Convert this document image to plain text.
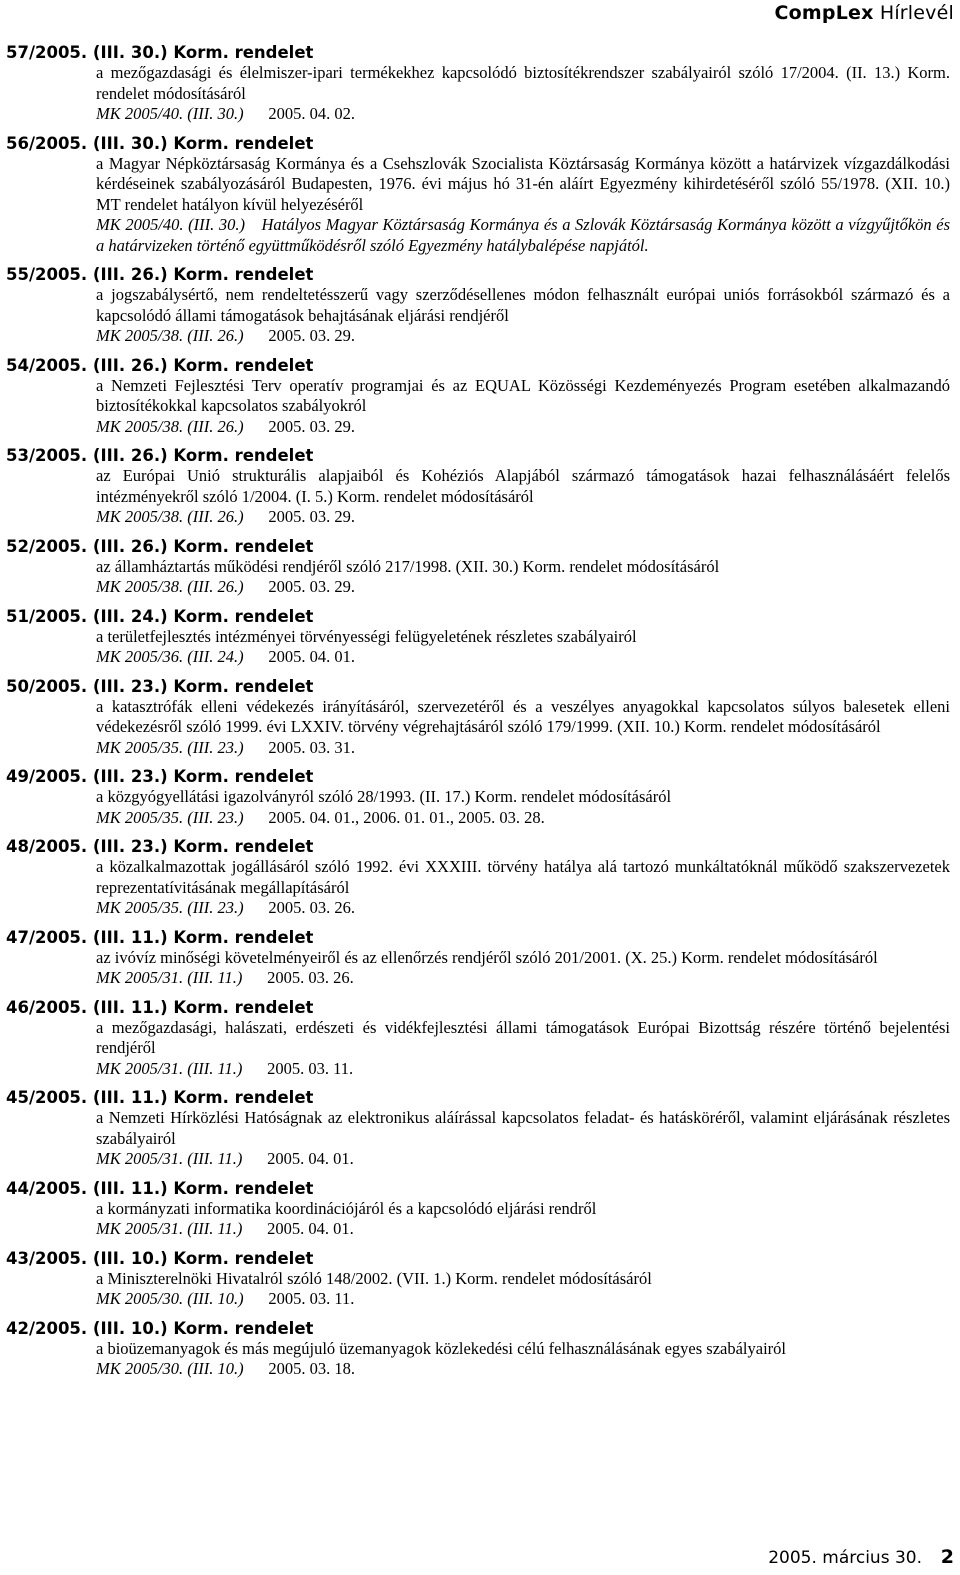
CompLex Hírlevél
57/2005. (III. 30.) Korm. rendelet
a mezőgazdasági és élelmiszer-ipari termékekhez kapcsolódó biztosítékrendszer szabályairól szóló 17/2004. (II. 13.) Korm. rendelet módosításáról
MK 2005/40. (III. 30.)   2005. 04. 02.
56/2005. (III. 30.) Korm. rendelet
a Magyar Népköztársaság Kormánya és a Csehszlovák Szocialista Köztársaság Kormánya között a határvizek vízgazdálkodási kérdéseinek szabályozásáról Budapesten, 1976. évi május hó 31-én aláírt Egyezmény kihirdetéséről szóló 55/1978. (XII. 10.) MT rendelet hatályon kívül helyezéséről
MK 2005/40. (III. 30.)  Hatályos Magyar Köztársaság Kormánya és a Szlovák Köztársaság Kormánya között a vízgyűjtőkön és a határvizeken történő együttműködésről szóló Egyezmény hatálybalépése napjától.
55/2005. (III. 26.) Korm. rendelet
a jogszabálysértő, nem rendeltetésszerű vagy szerződésellenes módon felhasznált európai uniós forrásokból származó és a kapcsolódó állami támogatások behajtásának eljárási rendjéről
MK 2005/38. (III. 26.)   2005. 03. 29.
54/2005. (III. 26.) Korm. rendelet
a Nemzeti Fejlesztési Terv operatív programjai és az EQUAL Közösségi Kezdeményezés Program esetében alkalmazandó biztosítékokkal kapcsolatos szabályokról
MK 2005/38. (III. 26.)   2005. 03. 29.
53/2005. (III. 26.) Korm. rendelet
az Európai Unió strukturális alapjaiból és Kohéziós Alapjából származó támogatások hazai felhasználásáért felelős intézményekről szóló 1/2004. (I. 5.) Korm. rendelet módosításáról
MK 2005/38. (III. 26.)   2005. 03. 29.
52/2005. (III. 26.) Korm. rendelet
az államháztartás működési rendjéről szóló 217/1998. (XII. 30.) Korm. rendelet módosításáról
MK 2005/38. (III. 26.)   2005. 03. 29.
51/2005. (III. 24.) Korm. rendelet
a területfejlesztés intézményei törvényességi felügyeletének részletes szabályairól
MK 2005/36. (III. 24.)   2005. 04. 01.
50/2005. (III. 23.) Korm. rendelet
a katasztrófák elleni védekezés irányításáról, szervezetéről és a veszélyes anyagokkal kapcsolatos súlyos balesetek elleni védekezésről szóló 1999. évi LXXIV. törvény végrehajtásáról szóló 179/1999. (XII. 10.) Korm. rendelet módosításáról
MK 2005/35. (III. 23.)   2005. 03. 31.
49/2005. (III. 23.) Korm. rendelet
a közgyógyellátási igazolványról szóló 28/1993. (II. 17.) Korm. rendelet módosításáról
MK 2005/35. (III. 23.)   2005. 04. 01., 2006. 01. 01., 2005. 03. 28.
48/2005. (III. 23.) Korm. rendelet
a közalkalmazottak jogállásáról szóló 1992. évi XXXIII. törvény hatálya alá tartozó munkáltatóknál működő szakszervezetek reprezentatívitásának megállapításáról
MK 2005/35. (III. 23.)   2005. 03. 26.
47/2005. (III. 11.) Korm. rendelet
az ivóvíz minőségi követelményeiről és az ellenőrzés rendjéről szóló 201/2001. (X. 25.) Korm. rendelet módosításáról
MK 2005/31. (III. 11.)   2005. 03. 26.
46/2005. (III. 11.) Korm. rendelet
a mezőgazdasági, halászati, erdészeti és vidékfejlesztési állami támogatások Európai Bizottság részére történő bejelentési rendjéről
MK 2005/31. (III. 11.)   2005. 03. 11.
45/2005. (III. 11.) Korm. rendelet
a Nemzeti Hírközlési Hatóságnak az elektronikus aláírással kapcsolatos feladat- és hatásköréről, valamint eljárásának részletes szabályairól
MK 2005/31. (III. 11.)   2005. 04. 01.
44/2005. (III. 11.) Korm. rendelet
a kormányzati informatika koordinációjáról és a kapcsolódó eljárási rendről
MK 2005/31. (III. 11.)   2005. 04. 01.
43/2005. (III. 10.) Korm. rendelet
a Miniszterelnöki Hivatalról szóló 148/2002. (VII. 1.) Korm. rendelet módosításáról
MK 2005/30. (III. 10.)   2005. 03. 11.
42/2005. (III. 10.) Korm. rendelet
a bioüzemanyagok és más megújuló üzemanyagok közlekedési célú felhasználásának egyes szabályairól
MK 2005/30. (III. 10.)   2005. 03. 18.
2005. március 30. 2
